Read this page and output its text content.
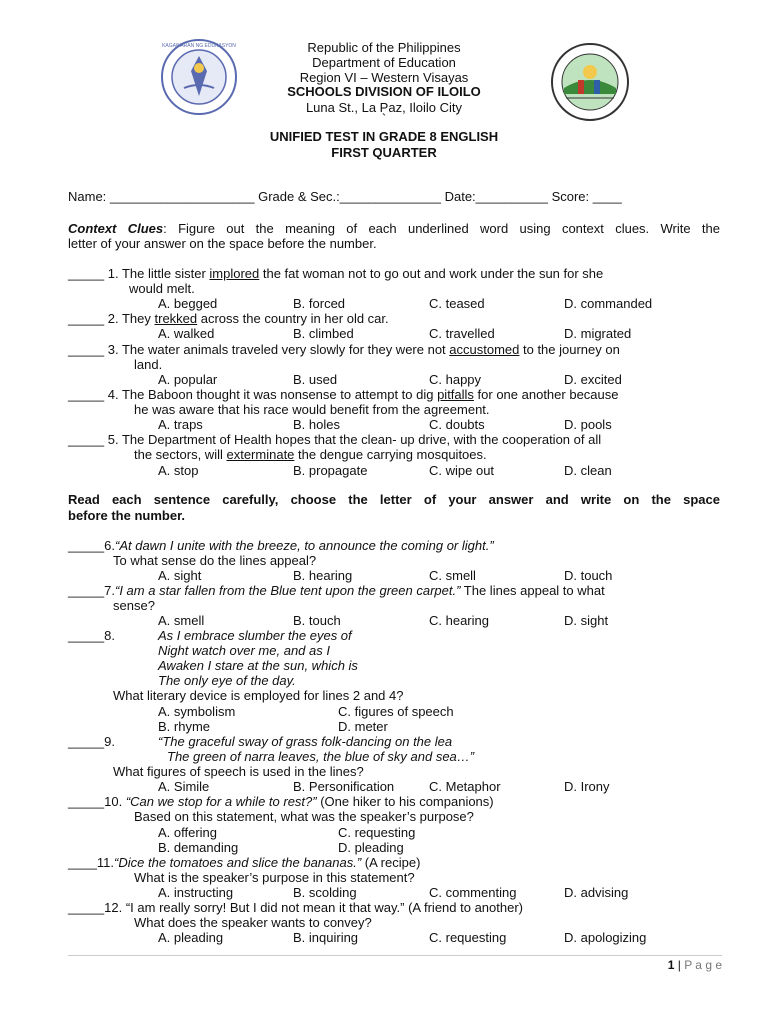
KAGAWARAN NG EDUKASYON	Republic of the Philippines
Department of Education
Region VI – Western Visayas
SCHOOLS DIVISION OF ILOILO
Luna St., La Paz, Iloilo City
`
UNIFIED TEST IN GRADE 8 ENGLISH
FIRST QUARTER
Name: ____________________ Grade & Sec.:______________ Date:__________ Score: ____
Context Clues: Figure out the meaning of each underlined word using context clues. Write the
letter of your answer on the space before the number.
_____ 1. The little sister implored the fat woman not to go out and work under the sun for she
would melt.
A. begged	B. forced	C. teased	D. commanded
_____ 2. They trekked across the country in her old car.
A. walked	B. climbed	C. travelled	D. migrated
_____ 3. The water animals traveled very slowly for they were not accustomed to the journey on
land.
A. popular	B. used	C. happy	D. excited
_____ 4. The Baboon thought it was nonsense to attempt to dig pitfalls for one another because
he was aware that his race would benefit from the agreement.
A. traps	B. holes	C. doubts	D. pools
_____ 5. The Department of Health hopes that the clean- up drive, with the cooperation of all
the sectors, will exterminate the dengue carrying mosquitoes.
A. stop	B. propagate	C. wipe out	D. clean
Read each sentence carefully, choose the letter of your answer and write on the space
before the number.
_____6.“At dawn I unite with the breeze, to announce the coming or light.”
To what sense do the lines appeal?
A. sight	B. hearing	C. smell	D. touch
_____7.“I am a star fallen from the Blue tent upon the green carpet.” The lines appeal to what
sense?
A. smell	B. touch	C. hearing	D. sight
_____8.	As I embrace slumber the eyes of
Night watch over me, and as I
Awaken I stare at the sun, which is
The only eye of the day.
What literary device is employed for lines 2 and 4?
A. symbolism	C. figures of speech
B. rhyme	D. meter
_____9.	“The graceful sway of grass folk-dancing on the lea
The green of narra leaves, the blue of sky and sea…”
What figures of speech is used in the lines?
A. Simile	B. Personification	C. Metaphor	D. Irony
_____10. “Can we stop for a while to rest?” (One hiker to his companions)
Based on this statement, what was the speaker’s purpose?
A. offering	C. requesting
B. demanding	D. pleading
____11.“Dice the tomatoes and slice the bananas.” (A recipe)
What is the speaker’s purpose in this statement?
A. instructing	B. scolding	C. commenting	D. advising
_____12. “I am really sorry! But I did not mean it that way.” (A friend to another)
What does the speaker wants to convey?
A. pleading	B. inquiring	C. requesting	D. apologizing
1 | P a g e
